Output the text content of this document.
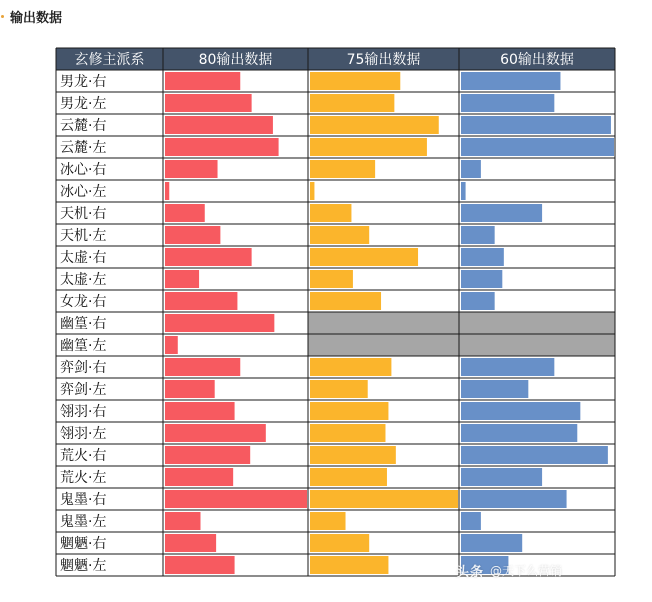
输出数据
玄修主派系	80输出数据	75输出数据	60输出数据
男龙·右
男龙·左
云麓·右
云麓·左
冰心·右
冰心·左
天机·右
天机·左
太虚·右
太虚·左
女龙·右
幽篁·右
幽篁·左
弈剑·右
弈剑·左
翎羽·右
翎羽·左
荒火·右
荒火·左
鬼墨·右
鬼墨·左
魍魉·右
魍魉·左	头条 @天下么营销
